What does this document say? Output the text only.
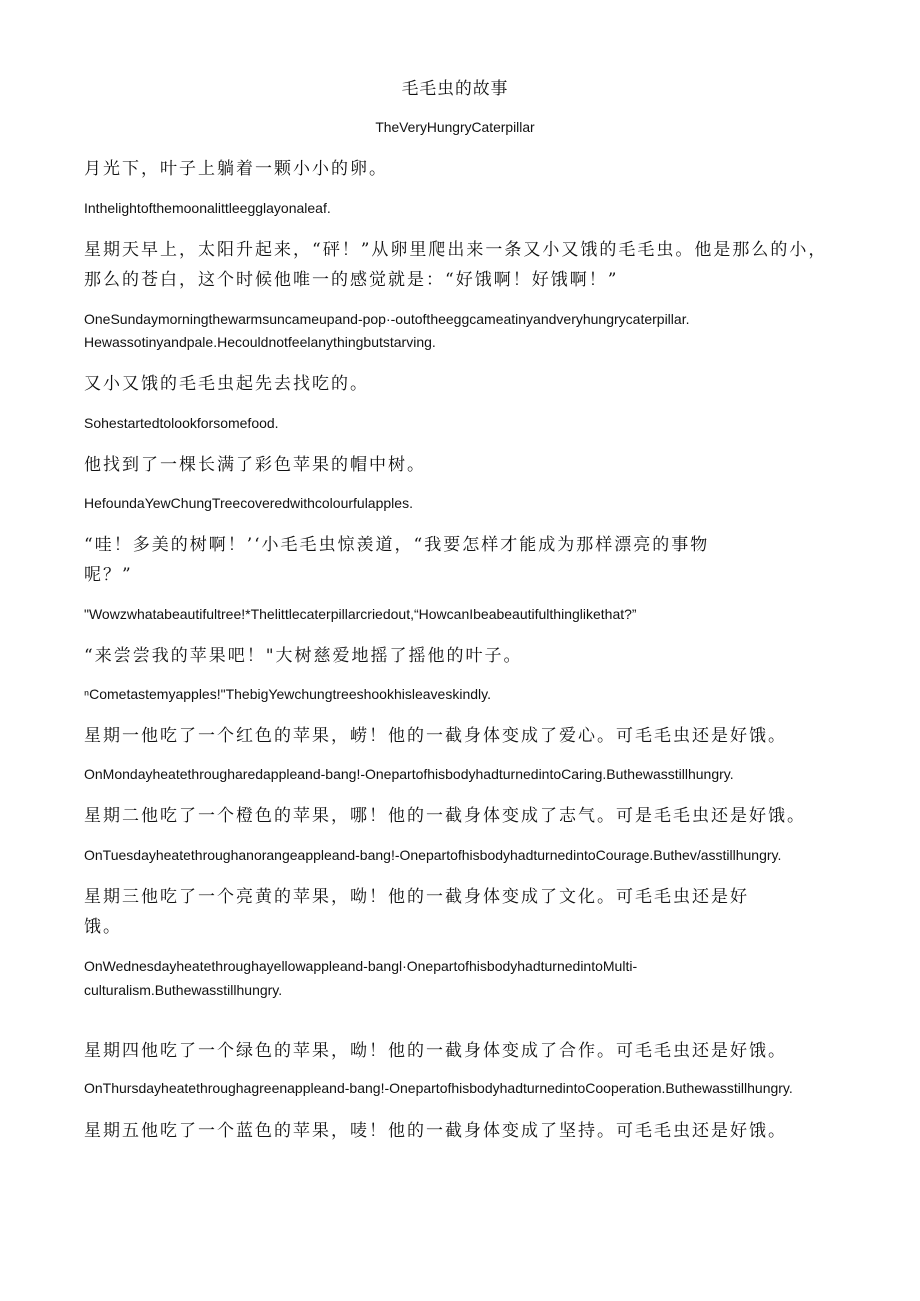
毛毛虫的故事
TheVeryHungryCaterpillar
月光下，叶子上躺着一颗小小的卵。
Inthelightofthemoonalittleegglayonaleaf.
星期天早上，太阳升起来，“砰！”从卵里爬出来一条又小又饿的毛毛虫。他是那么的小，
那么的苍白，这个时候他唯一的感觉就是：“好饿啊！好饿啊！”
OneSundaymorningthewarmsuncameupand-pop·-outoftheeggcameatinyandveryhungrycaterpillar.
Hewassotinyandpale.Hecouldnotfeelanythingbutstarving.
又小又饿的毛毛虫起先去找吃的。
Sohestartedtolookforsomefood.
他找到了一棵长满了彩色苹果的帽中树。
HefoundaYewChungTreecoveredwithcolourfulapples.
“哇！多美的树啊！’‘小毛毛虫惊羡道，“我要怎样才能成为那样漂亮的事物
呢？”
"Wowzwhatabeautifultree!*Thelittlecaterpillarcriedout,“HowcanIbeabeautifulthinglikethat?”
“来尝尝我的苹果吧！"大树慈爱地摇了摇他的叶子。
ⁿCometastemyapples!"ThebigYewchungtreeshookhisleaveskindly.
星期一他吃了一个红色的苹果，崂！他的一截身体变成了爱心。可毛毛虫还是好饿。
OnMondayheatethrougharedappleand-bang!-OnepartofhisbodyhadturnedintoCaring.Buthewasstillhungry.
星期二他吃了一个橙色的苹果，哪！他的一截身体变成了志气。可是毛毛虫还是好饿。
OnTuesdayheatethroughanorangeappleand-bang!-OnepartofhisbodyhadturnedintoCourage.Buthev/asstillhungry.
星期三他吃了一个亮黄的苹果，呦！他的一截身体变成了文化。可毛毛虫还是好
饿。
OnWednesdayheatethroughayellowappleand-bangl·OnepartofhisbodyhadturnedintoMulti-
culturalism.Buthewasstillhungry.
星期四他吃了一个绿色的苹果，呦！他的一截身体变成了合作。可毛毛虫还是好饿。
OnThursdayheatethroughagreenappleand-bang!-OnepartofhisbodyhadturnedintoCooperation.Buthewasstillhungry.
星期五他吃了一个蓝色的苹果，唛！他的一截身体变成了坚持。可毛毛虫还是好饿。
